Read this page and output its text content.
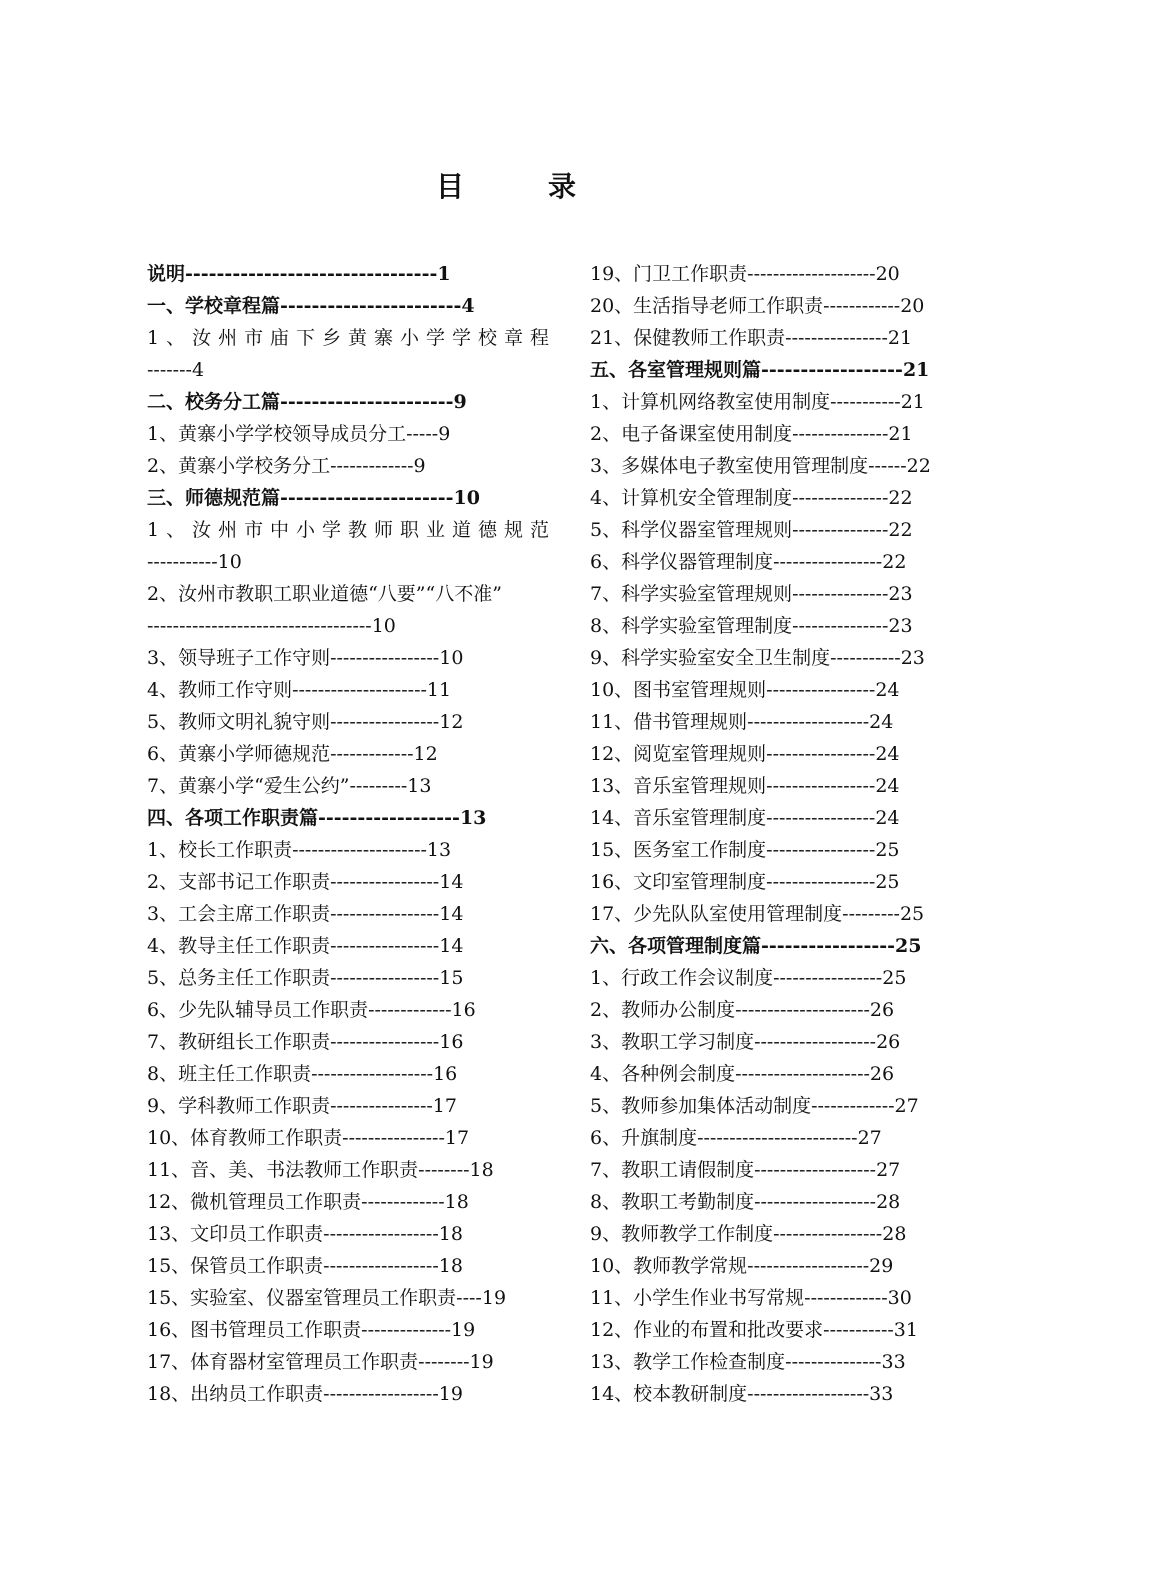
目　录
说明--------------------------------1
一、学校章程篇-----------------------4
1、汝州市庙下乡黄寨小学学校章程
-------4
二、校务分工篇----------------------9
1、黄寨小学学校领导成员分工-----9
2、黄寨小学校务分工-------------9
三、师德规范篇----------------------10
1、汝州市中小学教师职业道德规范
-----------10
2、汝州市教职工职业道德“八要”“八不准”
-----------------------------------10
3、领导班子工作守则-----------------10
4、教师工作守则---------------------11
5、教师文明礼貌守则-----------------12
6、黄寨小学师德规范-------------12
7、黄寨小学“爱生公约”---------13
四、各项工作职责篇------------------13
1、校长工作职责---------------------13
2、支部书记工作职责-----------------14
3、工会主席工作职责-----------------14
4、教导主任工作职责-----------------14
5、总务主任工作职责-----------------15
6、少先队辅导员工作职责-------------16
7、教研组长工作职责-----------------16
8、班主任工作职责-------------------16
9、学科教师工作职责----------------17
10、体育教师工作职责----------------17
11、音、美、书法教师工作职责--------18
12、微机管理员工作职责-------------18
13、文印员工作职责------------------18
15、保管员工作职责------------------18
15、实验室、仪器室管理员工作职责----19
16、图书管理员工作职责--------------19
17、体育器材室管理员工作职责--------19
18、出纳员工作职责------------------19
19、门卫工作职责--------------------20
20、生活指导老师工作职责------------20
21、保健教师工作职责----------------21
五、各室管理规则篇------------------21
1、计算机网络教室使用制度-----------21
2、电子备课室使用制度---------------21
3、多媒体电子教室使用管理制度------22
4、计算机安全管理制度---------------22
5、科学仪器室管理规则---------------22
6、科学仪器管理制度-----------------22
7、科学实验室管理规则---------------23
8、科学实验室管理制度---------------23
9、科学实验室安全卫生制度-----------23
10、图书室管理规则-----------------24
11、借书管理规则-------------------24
12、阅览室管理规则-----------------24
13、音乐室管理规则-----------------24
14、音乐室管理制度-----------------24
15、医务室工作制度-----------------25
16、文印室管理制度-----------------25
17、少先队队室使用管理制度---------25
六、各项管理制度篇-----------------25
1、行政工作会议制度-----------------25
2、教师办公制度---------------------26
3、教职工学习制度-------------------26
4、各种例会制度---------------------26
5、教师参加集体活动制度-------------27
6、升旗制度-------------------------27
7、教职工请假制度-------------------27
8、教职工考勤制度-------------------28
9、教师教学工作制度-----------------28
10、教师教学常规-------------------29
11、小学生作业书写常规-------------30
12、作业的布置和批改要求-----------31
13、教学工作检查制度---------------33
14、校本教研制度-------------------33
